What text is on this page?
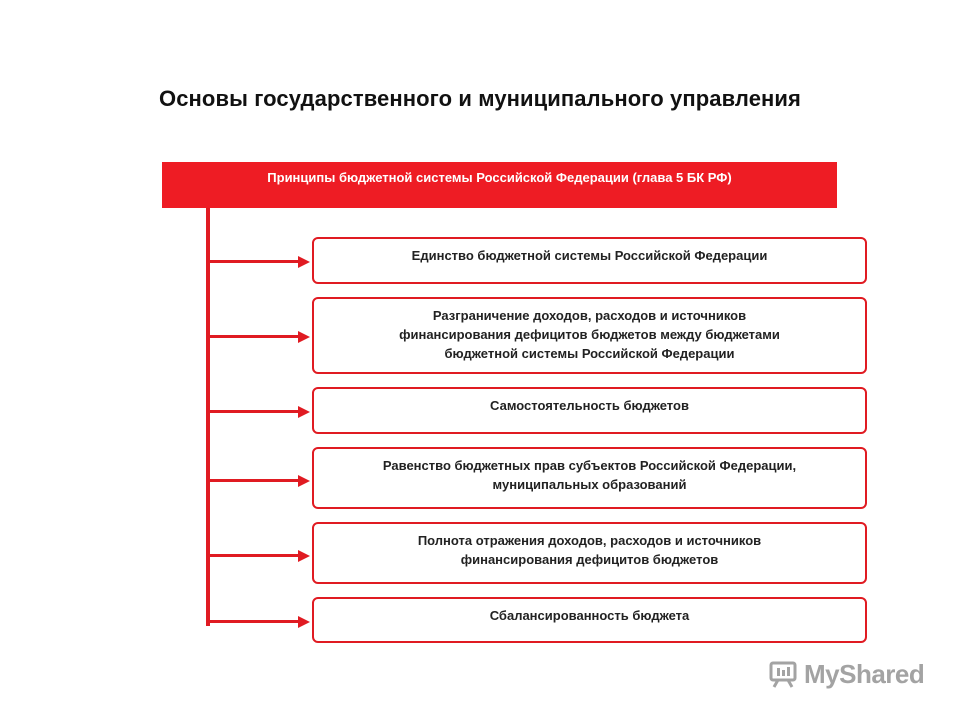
Основы государственного и муниципального управления
Принципы бюджетной системы Российской Федерации (глава 5 БК РФ)
Единство бюджетной системы Российской Федерации
Разграничение доходов, расходов и источников
финансирования дефицитов бюджетов между бюджетами
бюджетной системы Российской Федерации
Самостоятельность бюджетов
Равенство бюджетных прав субъектов Российской Федерации,
муниципальных образований
Полнота отражения доходов, расходов и источников
финансирования дефицитов бюджетов
Сбалансированность бюджета
MyShared
